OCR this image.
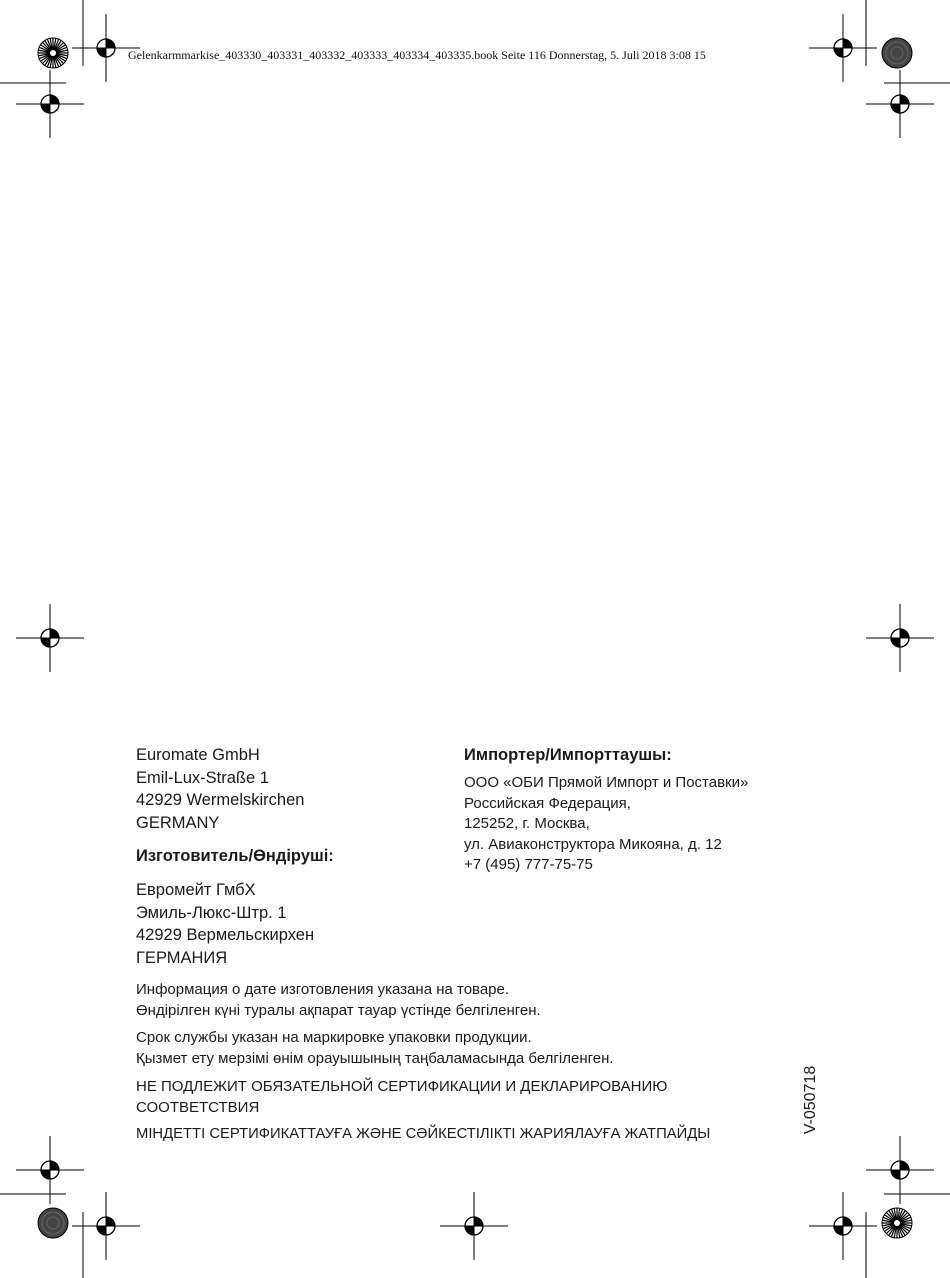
Gelenkarmmarkise_403330_403331_403332_403333_403334_403335.book Seite 116 Donnerstag, 5. Juli 2018 3:08 15
Euromate GmbH
Emil-Lux-Straße 1
42929 Wermelskirchen
GERMANY
Изготовитель/Өндіруші:
Евромейт ГмбХ
Эмиль-Люкс-Штр. 1
42929 Вермельскирхен
ГЕРМАНИЯ
Импортер/Импорттаушы:
ООО «ОБИ Прямой Импорт и Поставки»
Российская Федерация,
125252, г. Москва,
ул. Авиаконструктора Микояна, д. 12
+7 (495) 777-75-75
Информация о дате изготовления указана на товаре.
Өндірілген күні туралы ақпарат тауар үстінде белгіленген.
Срок службы указан на маркировке упаковки продукции.
Қызмет ету мерзімі өнім орауышының таңбаламасында белгіленген.
НЕ ПОДЛЕЖИТ ОБЯЗАТЕЛЬНОЙ СЕРТИФИКАЦИИ И ДЕКЛАРИРОВАНИЮ
СООТВЕТСТВИЯ
МІНДЕТТІ СЕРТИФИКАТТАУҒА ЖӘНЕ СӘЙКЕСТІЛІКТІ ЖАРИЯЛАУҒА ЖАТПАЙДЫ	V-050718
